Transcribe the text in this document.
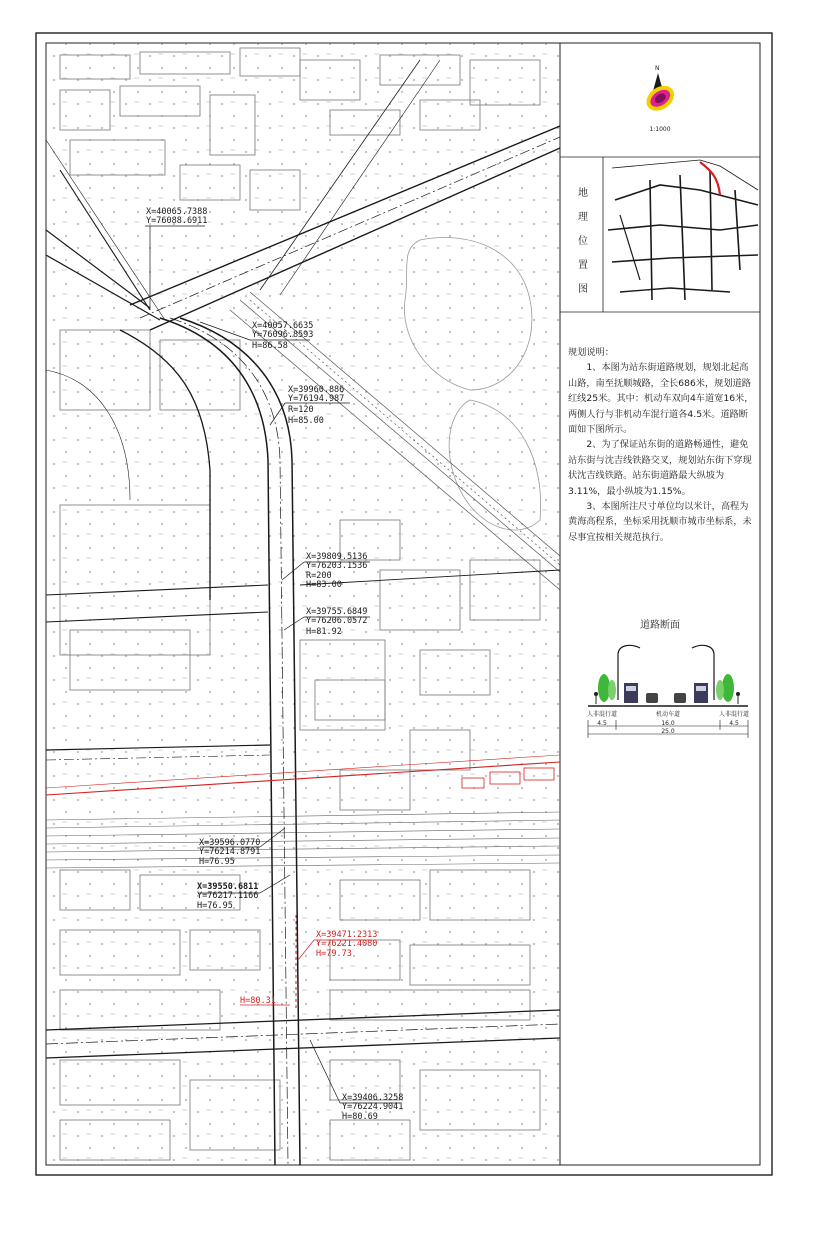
X=40065.7388
Y=76088.6911
X=40057.6635
Y=76096.8593
H=86.58
X=39960.886
Y=76194.987
R=120
H=85.00
X=39809.5136
Y=76203.1536
R=200
H=83.00
X=39755.6849
Y=76206.0572
H=81.92
X=39596.0770
Y=76214.8791
H=76.95
X=39550.6811
Y=76217.1166
H=76.95
X=39471.2313
Y=76221.4080
H=79.73
H=80.31
X=39406.3258
Y=76224.9041
H=80.69
N
人非混行道	机动车道	人非混行道
4.5	16.0	4.5
25.0
1:1000
地
理
位
置
图

规划说明：

1、本图为站东街道路规划，规划北起高山路，南至抚顺城路，全长686米，规划道路红线25米。其中：机动车双向4车道宽16米，两侧人行与非机动车混行道各4.5米。道路断面如下图所示。

2、为了保证站东街的道路畅通性，避免站东街与沈吉线铁路交叉，规划站东街下穿现状沈吉线铁路。站东街道路最大纵坡为3.11%，最小纵坡为1.15%。

3、本图所注尺寸单位均以米计，高程为黄海高程系，坐标采用抚顺市城市坐标系，未尽事宜按相关规范执行。

道路断面
